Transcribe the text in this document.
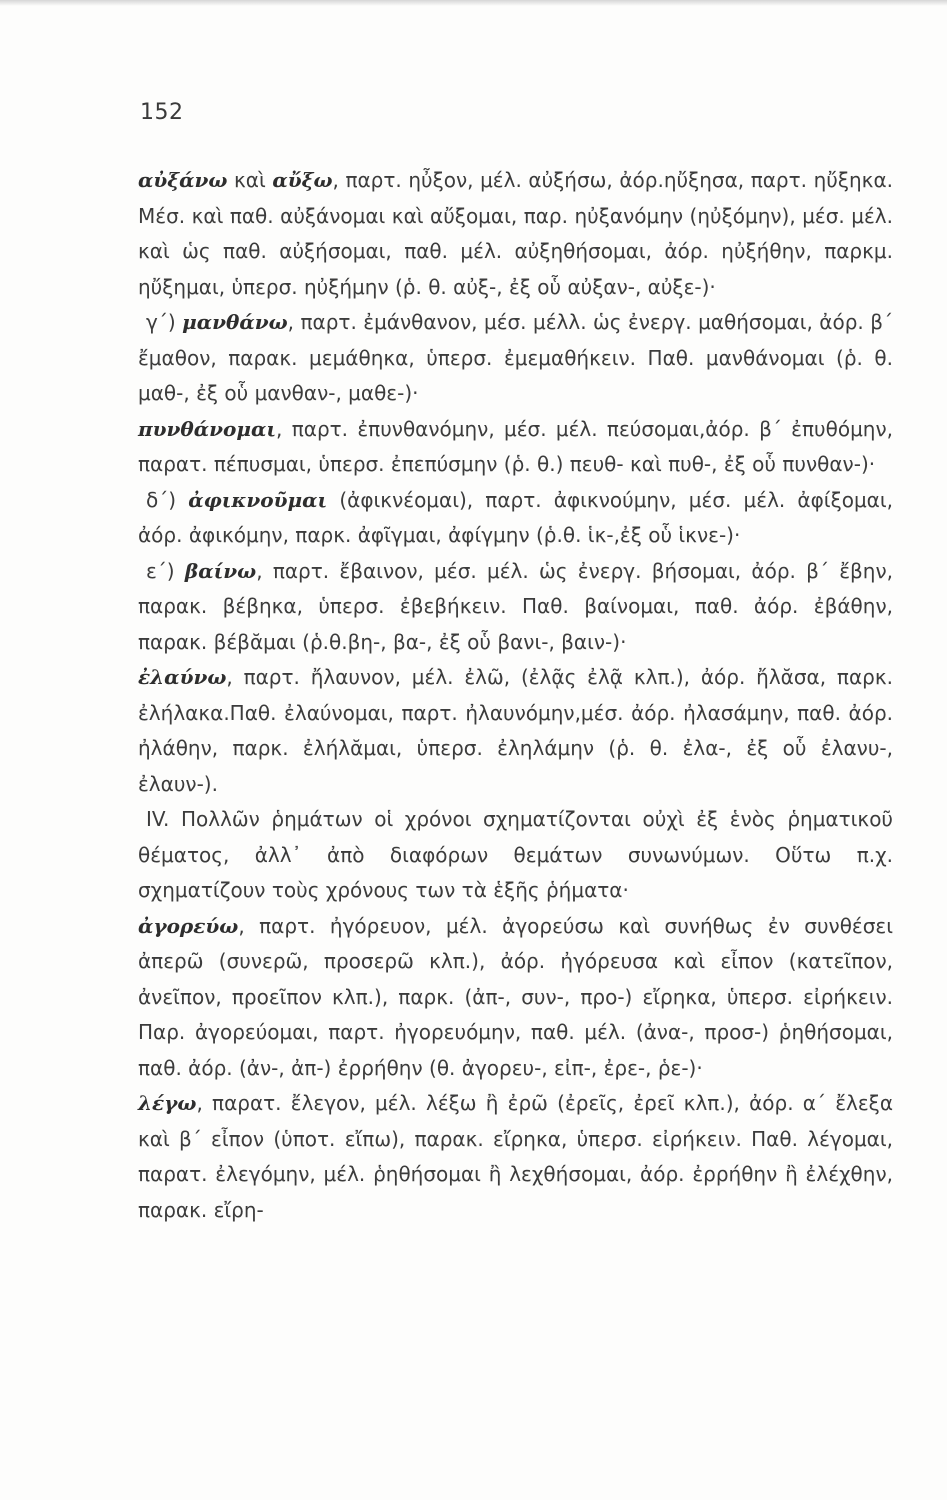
152

αὐξάνω καὶ αὔξω, παρτ. ηὖξον, μέλ. αὐξήσω, ἀόρ.ηὔξησα, παρτ. ηὔξηκα. Μέσ. καὶ παθ. αὐξάνομαι καὶ αὔξομαι, παρ. ηὐξανόμην (ηὐξόμην), μέσ. μέλ. καὶ ὡς παθ. αὐξήσομαι, παθ. μέλ. αὐξηθήσομαι, ἀόρ. ηὐξήθην, παρκμ. ηὔξημαι, ὑπερσ. ηὐξήμην (ῥ. θ. αὐξ-, ἐξ οὗ αὐξαν-, αὐξε-)·

γ΄) μανθάνω, παρτ. ἐμάνθανον, μέσ. μέλλ. ὡς ἐνεργ. μαθήσομαι, ἀόρ. β΄ ἔμαθον, παρακ. μεμάθηκα, ὑπερσ. ἐμεμαθήκειν. Παθ. μανθάνομαι (ῥ. θ. μαθ-, ἐξ οὗ μανθαν-, μαθε-)·

πυνθάνομαι, παρτ. ἐπυνθανόμην, μέσ. μέλ. πεύσομαι,ἀόρ. β΄ ἐπυθόμην, παρατ. πέπυσμαι, ὑπερσ. ἐπεπύσμην (ῥ. θ.) πευθ- καὶ πυθ-, ἐξ οὗ πυνθαν-)·

δ΄) ἀφικνοῦμαι (ἀφικνέομαι), παρτ. ἀφικνούμην, μέσ. μέλ. ἀφίξομαι, ἀόρ. ἀφικόμην, παρκ. ἀφῖγμαι, ἀφίγμην (ῥ.θ. ἱκ-,ἐξ οὗ ἱκνε-)·

ε΄) βαίνω, παρτ. ἔβαινον, μέσ. μέλ. ὡς ἐνεργ. βήσομαι, ἀόρ. β΄ ἔβην, παρακ. βέβηκα, ὑπερσ. ἐβεβήκειν. Παθ. βαίνομαι, παθ. ἀόρ. ἐβάθην, παρακ. βέβᾰμαι (ῥ.θ.βη-, βα-, ἐξ οὗ βανι-, βαιν-)·

ἐλαύνω, παρτ. ἤλαυνον, μέλ. ἐλῶ, (ἐλᾷς ἐλᾷ κλπ.), ἀόρ. ἤλᾰσα, παρκ. ἐλήλακα.Παθ. ἐλαύνομαι, παρτ. ἠλαυνόμην,μέσ. ἀόρ. ἠλασάμην, παθ. ἀόρ. ἠλάθην, παρκ. ἐλήλᾰμαι, ὑπερσ. ἐληλάμην (ῥ. θ. ἐλα-, ἐξ οὗ ἐλανυ-, ἐλαυν-).

IV. Πολλῶν ῥημάτων οἱ χρόνοι σχηματίζονται οὐχὶ ἐξ ἑνὸς ῥηματικοῦ θέματος, ἀλλ᾽ ἀπὸ διαφόρων θεμάτων συνωνύμων. Οὕτω π.χ. σχηματίζουν τοὺς χρόνους των τὰ ἑξῆς ῥήματα·

ἀγορεύω, παρτ. ἠγόρευον, μέλ. ἀγορεύσω καὶ συνήθως ἐν συνθέσει ἀπερῶ (συνερῶ, προσερῶ κλπ.), ἀόρ. ἠγόρευσα καὶ εἶπον (κατεῖπον, ἀνεῖπον, προεῖπον κλπ.), παρκ. (ἀπ-, συν-, προ-) εἴρηκα, ὑπερσ. εἰρήκειν. Παρ. ἀγορεύομαι, παρτ. ἠγορευόμην, παθ. μέλ. (ἀνα-, προσ-) ῥηθήσομαι, παθ. ἀόρ. (ἀν-, ἀπ-) ἐρρήθην (θ. ἀγορευ-, εἰπ-, ἐρε-, ῥε-)·

λέγω, παρατ. ἔλεγον, μέλ. λέξω ἢ ἐρῶ (ἐρεῖς, ἐρεῖ κλπ.), ἀόρ. α΄ ἔλεξα καὶ β΄ εἶπον (ὑποτ. εἴπω), παρακ. εἴρηκα, ὑπερσ. εἰρήκειν. Παθ. λέγομαι, παρατ. ἐλεγόμην, μέλ. ῥηθήσομαι ἢ λεχθήσομαι, ἀόρ. ἐρρήθην ἢ ἐλέχθην, παρακ. εἴρη-
